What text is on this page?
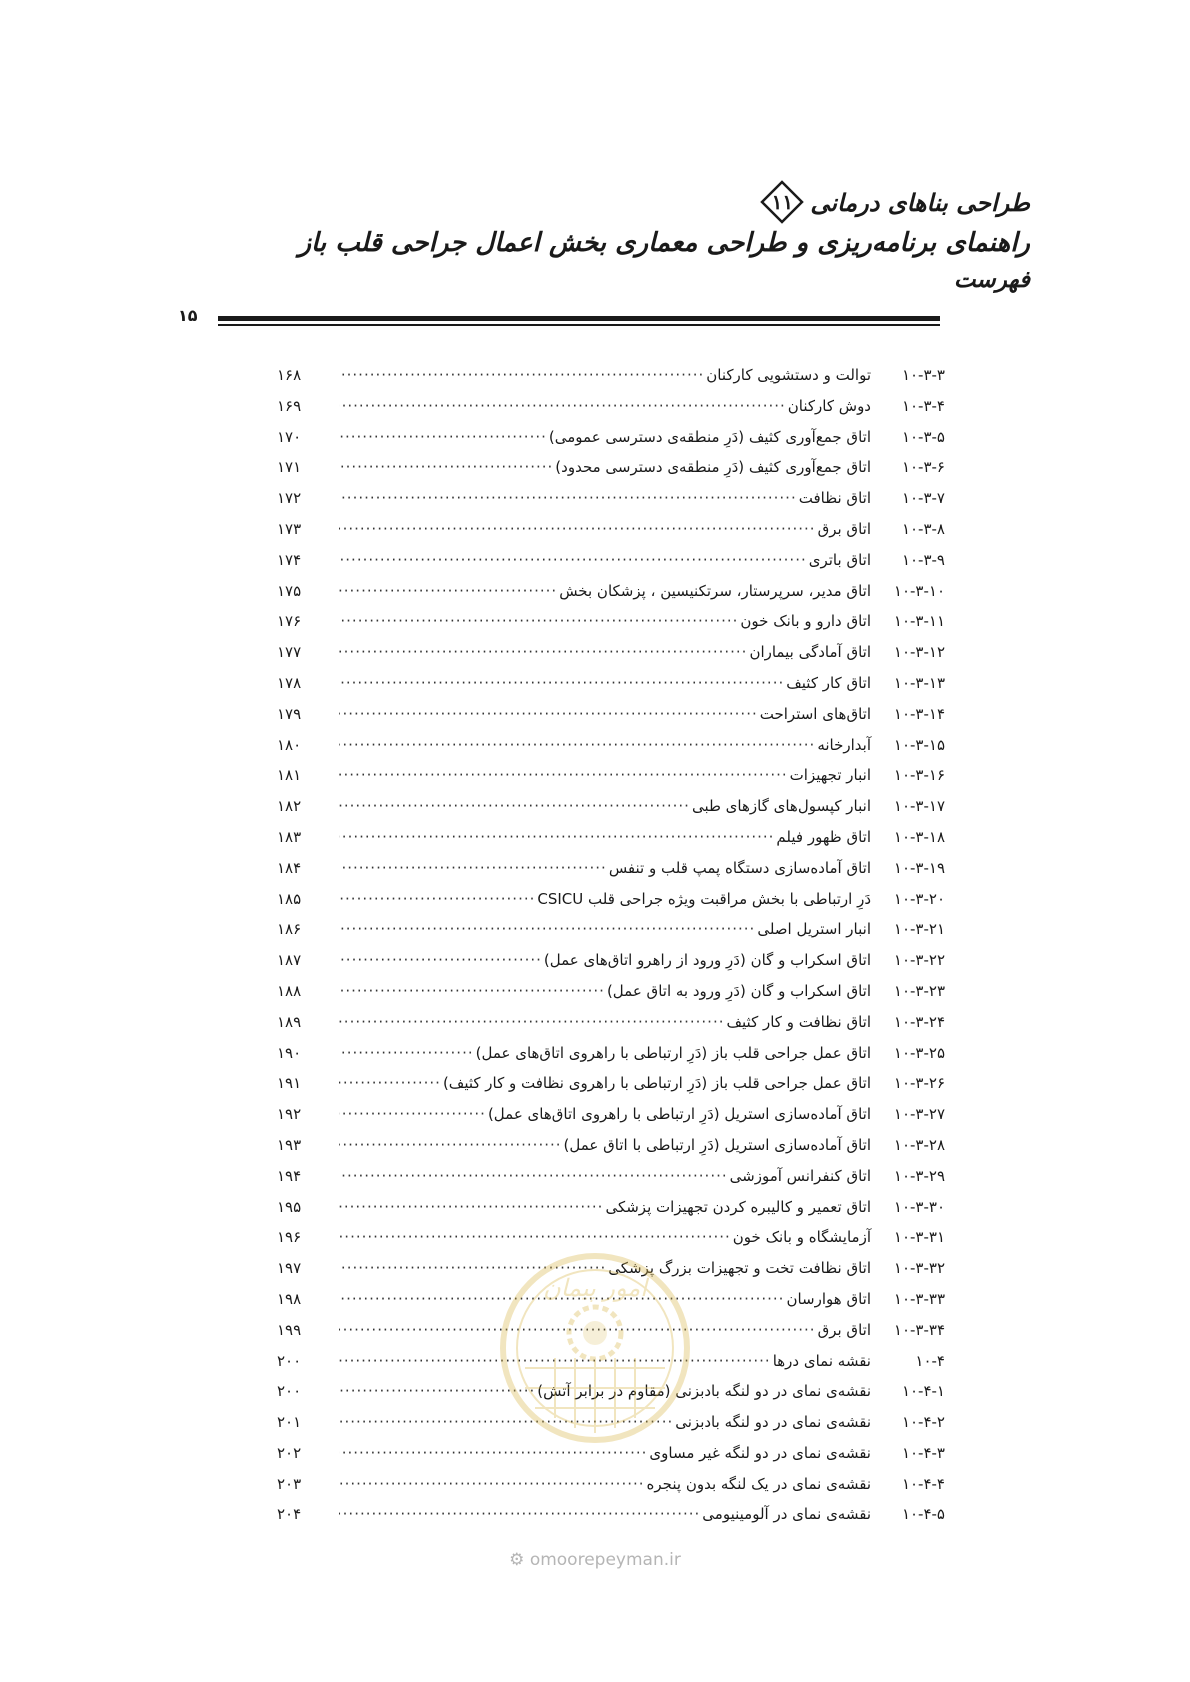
طراحی بناهای درمانی
۱۱
راهنمای برنامه‌ریزی و طراحی معماری بخش اعمال جراحی قلب باز
فهرست
۱۵
۱۰-۳-۳
توالت و دستشویی کارکنان
·····
۱۶۸
۱۰-۳-۴
دوش کارکنان
·····
۱۶۹
۱۰-۳-۵
اتاق جمع‌آوری کثیف (دَرِ منطقه‌ی دسترسی عمومی)
·····
۱۷۰
۱۰-۳-۶
اتاق جمع‌آوری کثیف (دَرِ منطقه‌ی دسترسی محدود)
·····
۱۷۱
۱۰-۳-۷
اتاق نظافت
·····
۱۷۲
۱۰-۳-۸
اتاق برق
·····
۱۷۳
۱۰-۳-۹
اتاق باتری
·····
۱۷۴
۱۰-۳-۱۰
اتاق مدیر، سرپرستار، سرتکنیسین ، پزشکان بخش
·····
۱۷۵
۱۰-۳-۱۱
اتاق دارو و بانک خون
·····
۱۷۶
۱۰-۳-۱۲
اتاق آمادگی بیماران
·····
۱۷۷
۱۰-۳-۱۳
اتاق کار کثیف
·····
۱۷۸
۱۰-۳-۱۴
اتاق‌های استراحت
·····
۱۷۹
۱۰-۳-۱۵
آبدارخانه
·····
۱۸۰
۱۰-۳-۱۶
انبار تجهیزات
·····
۱۸۱
۱۰-۳-۱۷
انبار کپسول‌های گازهای طبی
·····
۱۸۲
۱۰-۳-۱۸
اتاق ظهور فیلم
·····
۱۸۳
۱۰-۳-۱۹
اتاق آماده‌سازی دستگاه پمپ قلب و تنفس
·····
۱۸۴
۱۰-۳-۲۰
دَرِ ارتباطی با بخش مراقبت ویژه جراحی قلب CSICU
·····
۱۸۵
۱۰-۳-۲۱
انبار استریل اصلی
·····
۱۸۶
۱۰-۳-۲۲
اتاق اسکراب و گان (دَرِ ورود از راهرو اتاق‌های عمل)
·····
۱۸۷
۱۰-۳-۲۳
اتاق اسکراب و گان (دَرِ ورود به اتاق عمل)
·····
۱۸۸
۱۰-۳-۲۴
اتاق نظافت و کار کثیف
·····
۱۸۹
۱۰-۳-۲۵
اتاق عمل جراحی قلب باز (دَرِ ارتباطی با راهروی اتاق‌های عمل)
·····
۱۹۰
۱۰-۳-۲۶
اتاق عمل جراحی قلب باز (دَرِ ارتباطی با راهروی نظافت و کار کثیف)
·····
۱۹۱
۱۰-۳-۲۷
اتاق آماده‌سازی استریل (دَرِ ارتباطی با راهروی اتاق‌های عمل)
·····
۱۹۲
۱۰-۳-۲۸
اتاق آماده‌سازی استریل (دَرِ ارتباطی با اتاق عمل)
·····
۱۹۳
۱۰-۳-۲۹
اتاق کنفرانس آموزشی
·····
۱۹۴
۱۰-۳-۳۰
اتاق تعمیر و کالیبره کردن تجهیزات پزشکی
·····
۱۹۵
۱۰-۳-۳۱
آزمایشگاه و بانک خون
·····
۱۹۶
۱۰-۳-۳۲
اتاق نظافت تخت و تجهیزات بزرگ پزشکی
·····
۱۹۷
۱۰-۳-۳۳
اتاق هوارسان
·····
۱۹۸
۱۰-۳-۳۴
اتاق برق
·····
۱۹۹
۱۰-۴
نقشه نمای درها
·····
۲۰۰
۱۰-۴-۱
نقشه‌ی نمای در دو لنگه بادبزنی (مقاوم در برابر آتش)
·····
۲۰۰
۱۰-۴-۲
نقشه‌ی نمای در دو لنگه بادبزنی
·····
۲۰۱
۱۰-۴-۳
نقشه‌ی نمای در دو لنگه غیر مساوی
·····
۲۰۲
۱۰-۴-۴
نقشه‌ی نمای در یک لنگه بدون پنجره
·····
۲۰۳
۱۰-۴-۵
نقشه‌ی نمای در آلومینیومی
·····
۲۰۴
امور پیمان
⚙ omoorepeyman.ir
